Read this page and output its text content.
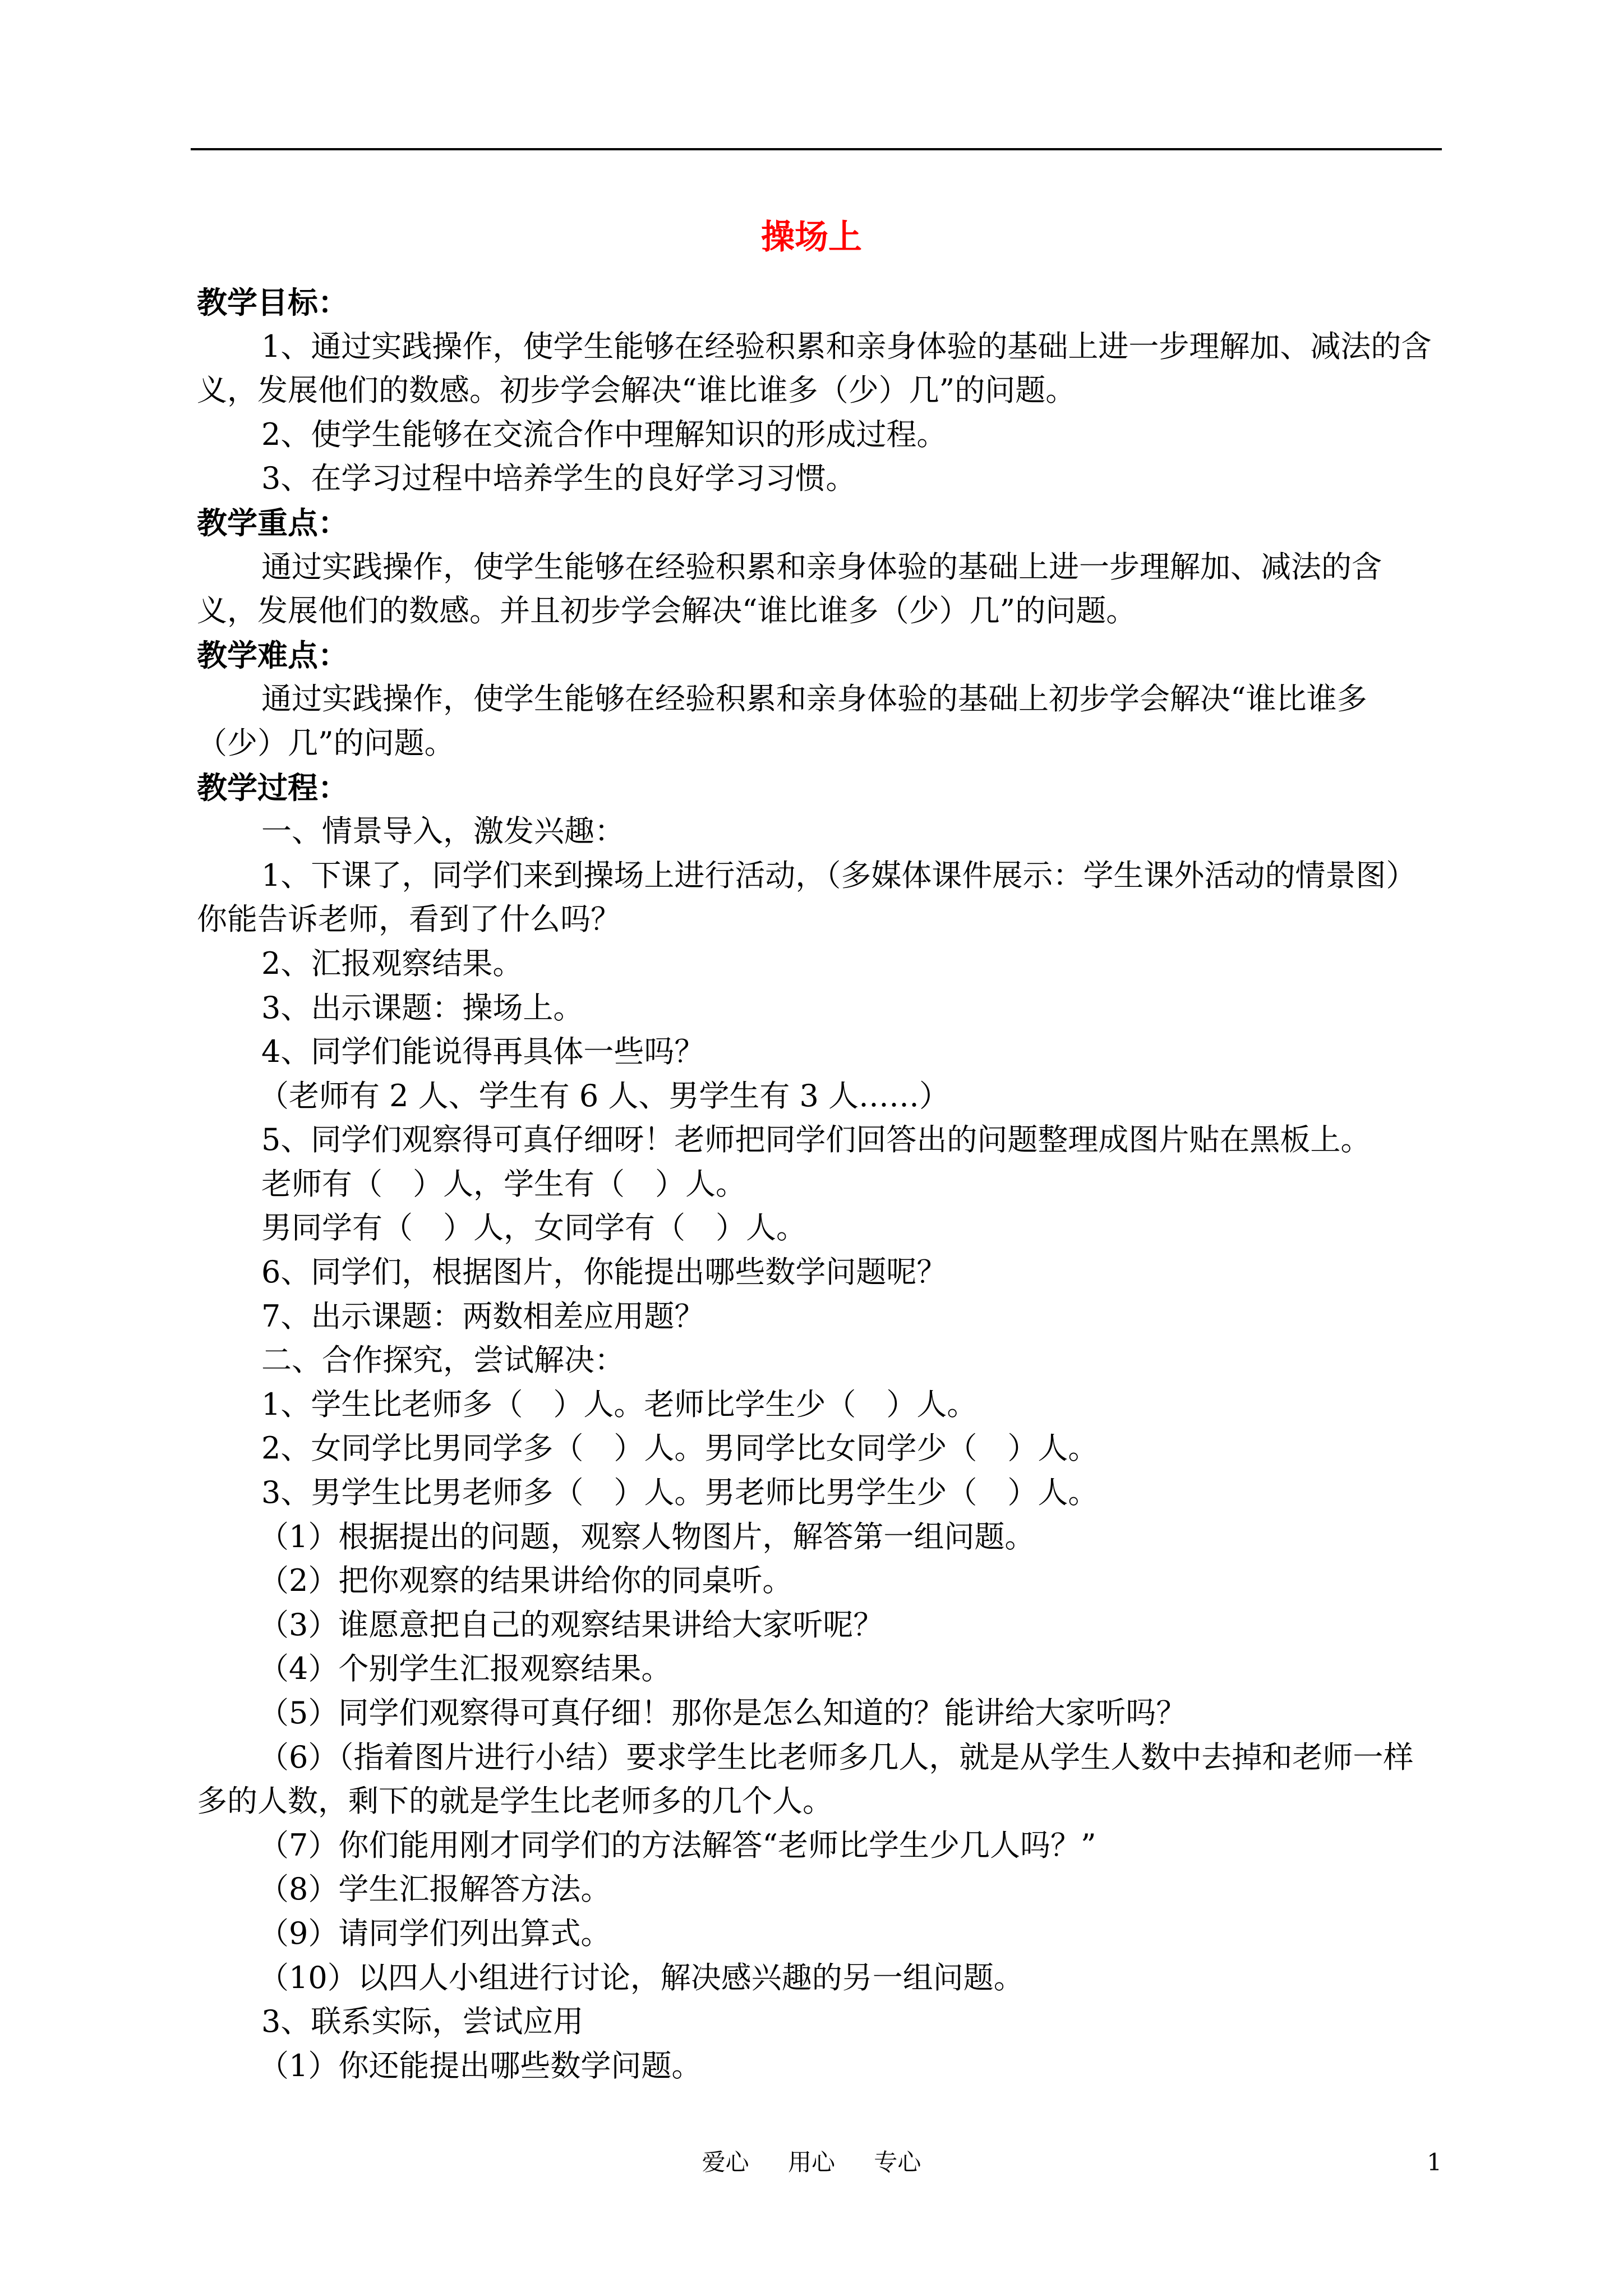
操场上

教学目标：

1、通过实践操作，使学生能够在经验积累和亲身体验的基础上进一步理解加、减法的含义，发展他们的数感。初步学会解决“谁比谁多（少）几”的问题。

2、使学生能够在交流合作中理解知识的形成过程。

3、在学习过程中培养学生的良好学习习惯。

教学重点：

通过实践操作，使学生能够在经验积累和亲身体验的基础上进一步理解加、减法的含义，发展他们的数感。并且初步学会解决“谁比谁多（少）几”的问题。

教学难点：

通过实践操作，使学生能够在经验积累和亲身体验的基础上初步学会解决“谁比谁多（少）几”的问题。

教学过程：

一、情景导入，激发兴趣：

1、下课了，同学们来到操场上进行活动，（多媒体课件展示：学生课外活动的情景图）你能告诉老师，看到了什么吗？

2、汇报观察结果。

3、出示课题：操场上。

4、同学们能说得再具体一些吗？

（老师有 2 人、学生有 6 人、男学生有 3 人……）

5、同学们观察得可真仔细呀！老师把同学们回答出的问题整理成图片贴在黑板上。

老师有（　）人，学生有（　）人。

男同学有（　）人，女同学有（　）人。

6、同学们，根据图片，你能提出哪些数学问题呢？

7、出示课题：两数相差应用题？

二、合作探究，尝试解决：

1、学生比老师多（　）人。老师比学生少（　）人。

2、女同学比男同学多（　）人。男同学比女同学少（　）人。

3、男学生比男老师多（　）人。男老师比男学生少（　）人。

（1）根据提出的问题，观察人物图片，解答第一组问题。

（2）把你观察的结果讲给你的同桌听。

（3）谁愿意把自己的观察结果讲给大家听呢？

（4）个别学生汇报观察结果。

（5）同学们观察得可真仔细！那你是怎么知道的？能讲给大家听吗？

（6）（指着图片进行小结）要求学生比老师多几人，就是从学生人数中去掉和老师一样多的人数，剩下的就是学生比老师多的几个人。

（7）你们能用刚才同学们的方法解答“老师比学生少几人吗？”

（8）学生汇报解答方法。

（9）请同学们列出算式。

（10）以四人小组进行讨论，解决感兴趣的另一组问题。

3、联系实际，尝试应用

（1）你还能提出哪些数学问题。

爱心 用心 专心	1
